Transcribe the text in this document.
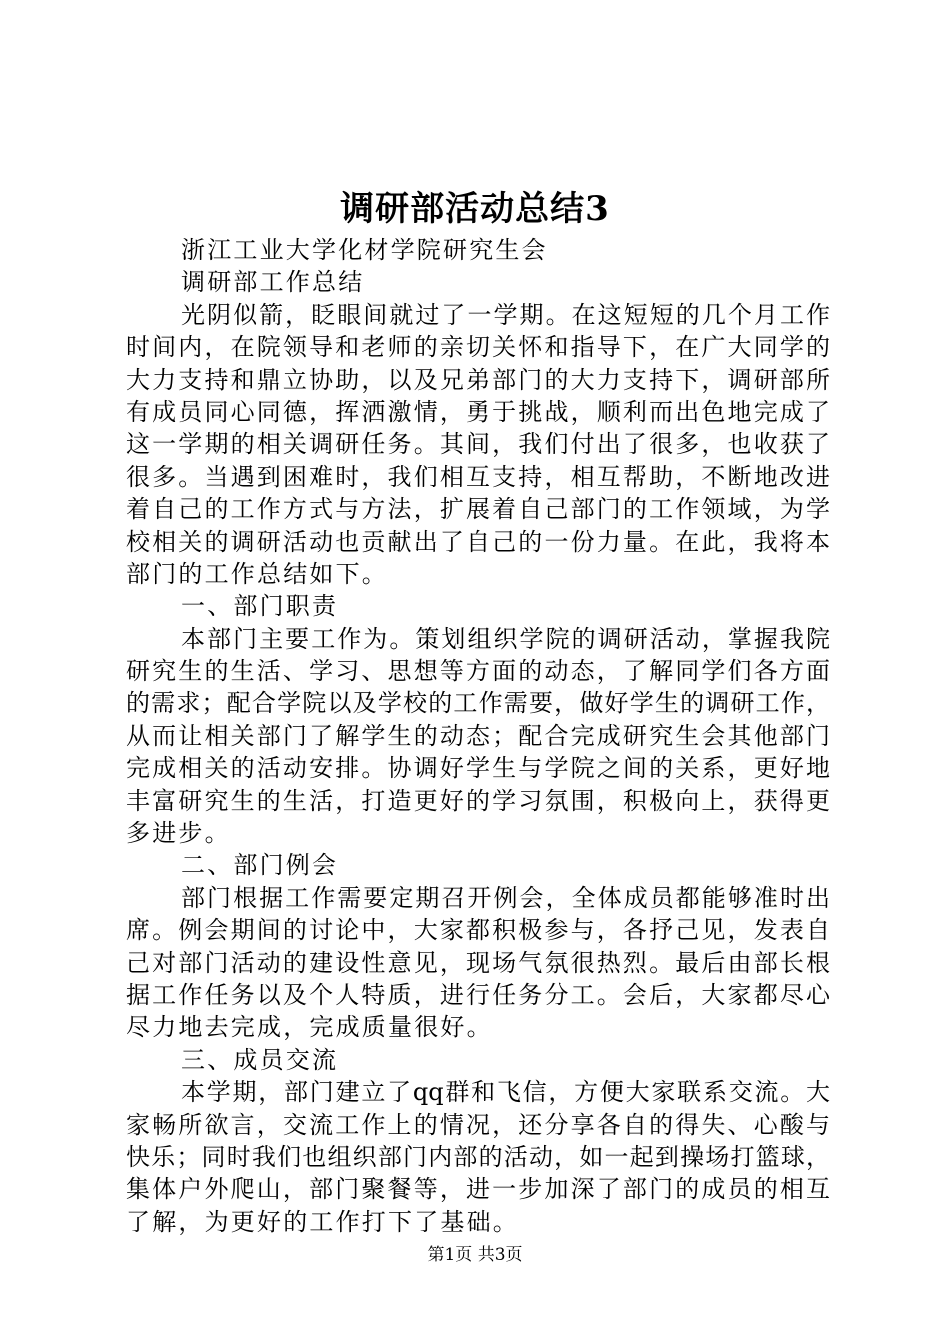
调研部活动总结3

浙江工业大学化材学院研究生会

调研部工作总结

光阴似箭，眨眼间就过了一学期。在这短短的几个月工作

时间内，在院领导和老师的亲切关怀和指导下，在广大同学的

大力支持和鼎立协助，以及兄弟部门的大力支持下，调研部所

有成员同心同德，挥洒激情，勇于挑战，顺利而出色地完成了

这一学期的相关调研任务。其间，我们付出了很多，也收获了

很多。当遇到困难时，我们相互支持，相互帮助，不断地改进

着自己的工作方式与方法，扩展着自己部门的工作领域，为学

校相关的调研活动也贡献出了自己的一份力量。在此，我将本

部门的工作总结如下。

一、部门职责

本部门主要工作为。策划组织学院的调研活动，掌握我院

研究生的生活、学习、思想等方面的动态，了解同学们各方面

的需求；配合学院以及学校的工作需要，做好学生的调研工作，

从而让相关部门了解学生的动态；配合完成研究生会其他部门

完成相关的活动安排。协调好学生与学院之间的关系，更好地

丰富研究生的生活，打造更好的学习氛围，积极向上，获得更

多进步。

二、部门例会

部门根据工作需要定期召开例会，全体成员都能够准时出

席。例会期间的讨论中，大家都积极参与，各抒己见，发表自

己对部门活动的建设性意见，现场气氛很热烈。最后由部长根

据工作任务以及个人特质，进行任务分工。会后，大家都尽心

尽力地去完成，完成质量很好。

三、成员交流

本学期，部门建立了qq群和飞信，方便大家联系交流。大

家畅所欲言，交流工作上的情况，还分享各自的得失、心酸与

快乐；同时我们也组织部门内部的活动，如一起到操场打篮球，

集体户外爬山，部门聚餐等，进一步加深了部门的成员的相互

了解，为更好的工作打下了基础。

第1页 共3页
